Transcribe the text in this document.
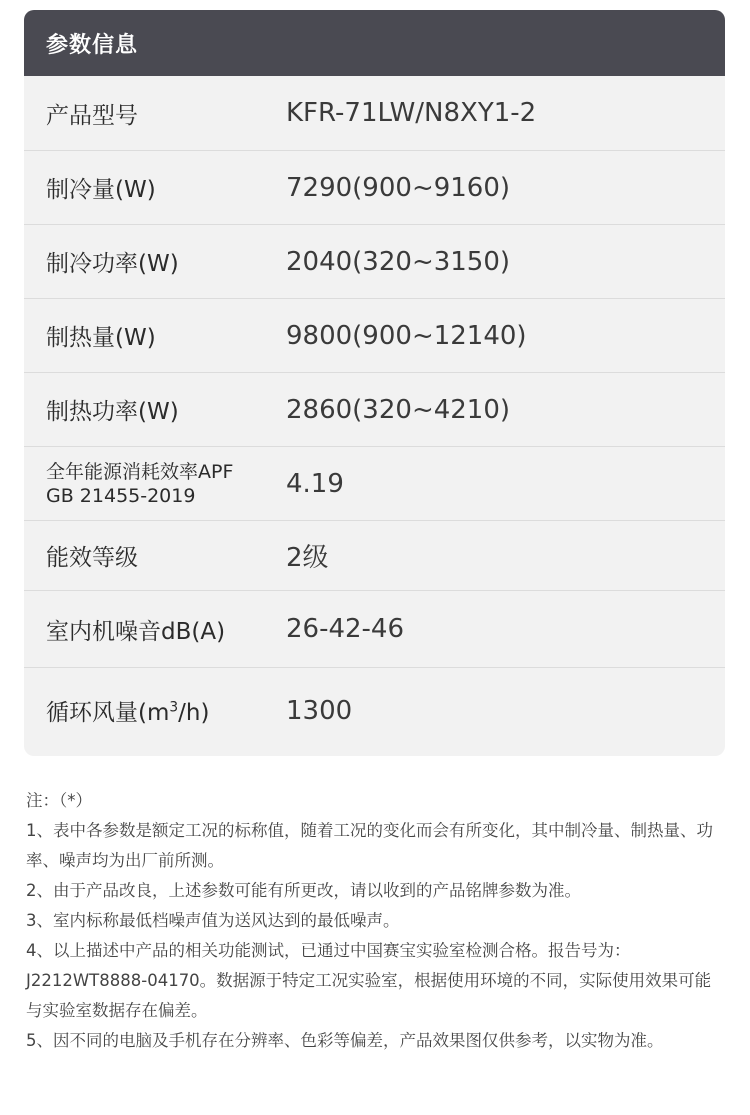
参数信息
产品型号	KFR-71LW/N8XY1-2
制冷量(W)	7290(900~9160)
制冷功率(W)	2040(320~3150)
制热量(W)	9800(900~12140)
制热功率(W)	2860(320~4210)
全年能源消耗效率APF
GB 21455-2019	4.19
能效等级	2级
室内机噪音dB(A)	26-42-46
循环风量$(m^3/h)$	1300

注：（*）

1、表中各参数是额定工况的标称值，随着工况的变化而会有所变化，其中制冷量、制热量、功率、噪声均为出厂前所测。

2、由于产品改良，上述参数可能有所更改，请以收到的产品铭牌参数为准。

3、室内标称最低档噪声值为送风达到的最低噪声。

4、以上描述中产品的相关功能测试，已通过中国赛宝实验室检测合格。报告号为：J2212WT8888-04170。数据源于特定工况实验室，根据使用环境的不同，实际使用效果可能与实验室数据存在偏差。

5、因不同的电脑及手机存在分辨率、色彩等偏差，产品效果图仅供参考，以实物为准。
